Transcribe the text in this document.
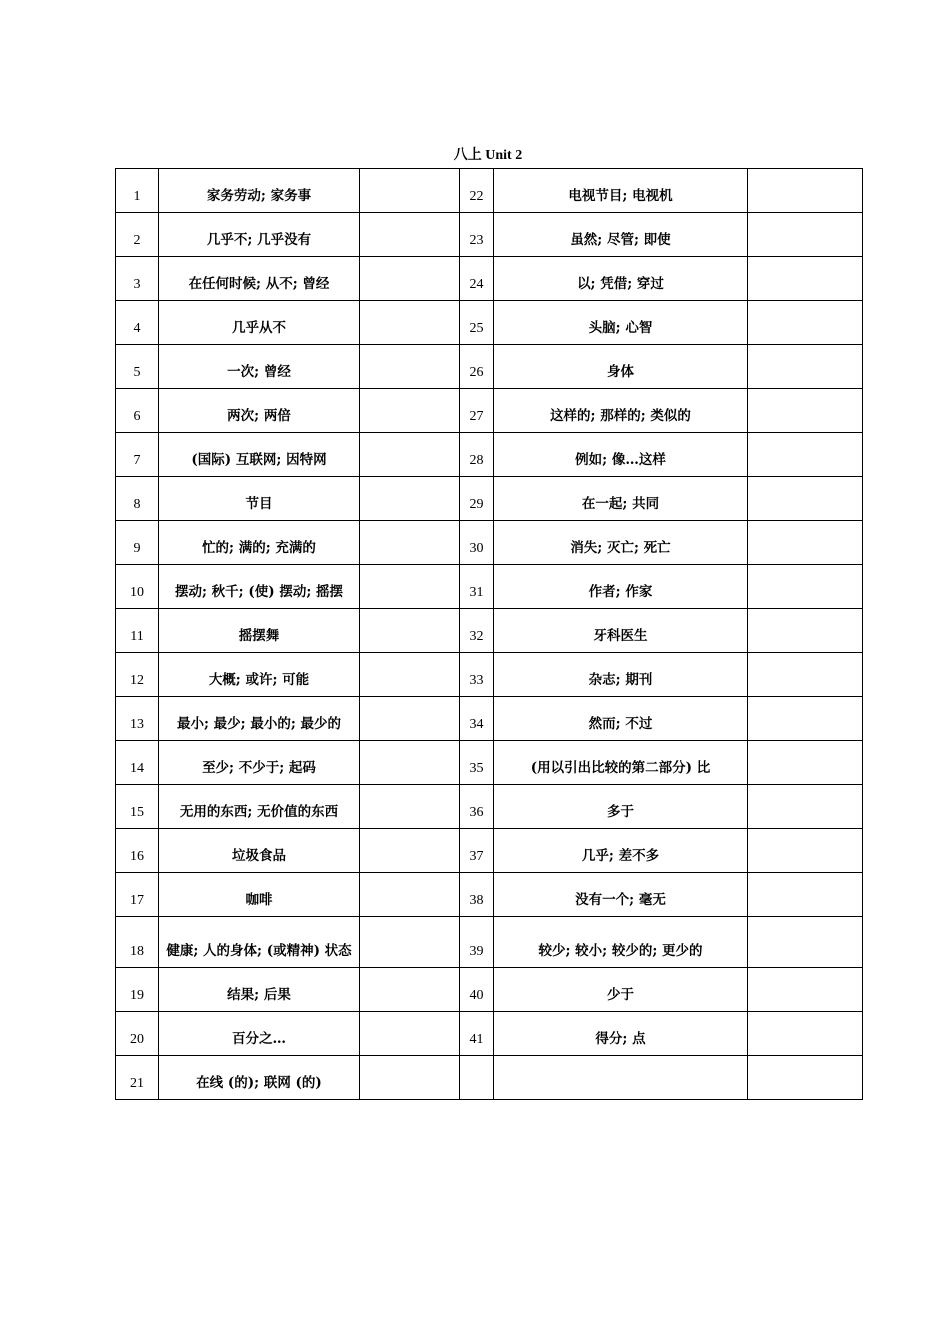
八上 Unit 2
1	家务劳动; 家务事		22	电视节目; 电视机	
2	几乎不; 几乎没有		23	虽然; 尽管; 即使	
3	在任何时候; 从不; 曾经		24	以; 凭借; 穿过	
4	几乎从不		25	头脑; 心智	
5	一次; 曾经		26	身体	
6	两次; 两倍		27	这样的; 那样的; 类似的	
7	(国际) 互联网; 因特网		28	例如; 像…这样	
8	节目		29	在一起; 共同	
9	忙的; 满的; 充满的		30	消失; 灭亡; 死亡	
10	摆动; 秋千; (使) 摆动; 摇摆		31	作者; 作家	
11	摇摆舞		32	牙科医生	
12	大概; 或许; 可能		33	杂志; 期刊	
13	最小; 最少; 最小的; 最少的		34	然而; 不过	
14	至少; 不少于; 起码		35	(用以引出比较的第二部分) 比	
15	无用的东西; 无价值的东西		36	多于	
16	垃圾食品		37	几乎; 差不多	
17	咖啡		38	没有一个; 毫无	
18	健康; 人的身体; (或精神) 状态		39	较少; 较小; 较少的; 更少的	
19	结果; 后果		40	少于	
20	百分之…		41	得分; 点	
21	在线 (的); 联网 (的)				
